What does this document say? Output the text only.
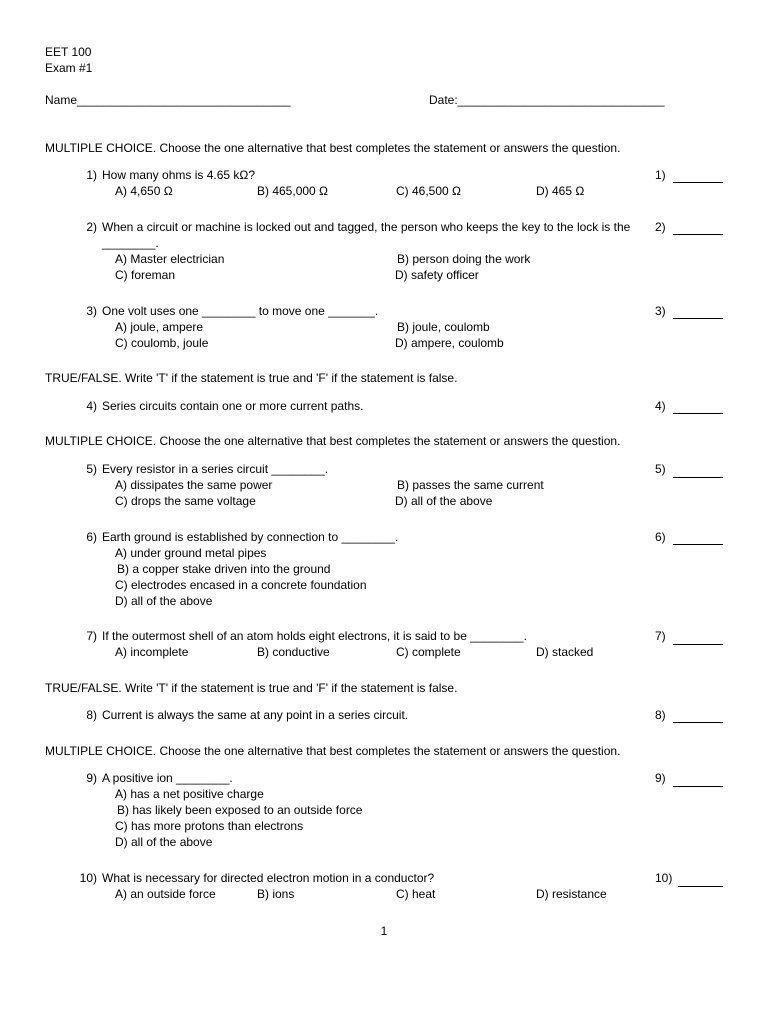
EET 100
Exam #1
Name________________________________	Date:_______________________________
MULTIPLE CHOICE. Choose the one alternative that best completes the statement or answers the question.
1) How many ohms is 4.65 kΩ?
A) 4,650 Ω	B) 465,000 Ω	C) 46,500 Ω	D) 465 Ω
1)
2) When a circuit or machine is locked out and tagged, the person who keeps the key to the lock is the
________.
A) Master electrician	B) person doing the work
C) foreman	D) safety officer
2)
3) One volt uses one ________ to move one _______.
A) joule, ampere	B) joule, coulomb
C) coulomb, joule	D) ampere, coulomb
3)
TRUE/FALSE. Write 'T' if the statement is true and 'F' if the statement is false.
4) Series circuits contain one or more current paths.	4)
MULTIPLE CHOICE. Choose the one alternative that best completes the statement or answers the question.
5) Every resistor in a series circuit ________.
A) dissipates the same power	B) passes the same current
C) drops the same voltage	D) all of the above
5)
6) Earth ground is established by connection to ________.
A) under ground metal pipes
B) a copper stake driven into the ground
C) electrodes encased in a concrete foundation
D) all of the above
6)
7) If the outermost shell of an atom holds eight electrons, it is said to be ________.
A) incomplete	B) conductive	C) complete	D) stacked
7)
TRUE/FALSE. Write 'T' if the statement is true and 'F' if the statement is false.
8) Current is always the same at any point in a series circuit.	8)
MULTIPLE CHOICE. Choose the one alternative that best completes the statement or answers the question.
9) A positive ion ________.
A) has a net positive charge
B) has likely been exposed to an outside force
C) has more protons than electrons
D) all of the above
9)
10) What is necessary for directed electron motion in a conductor?
A) an outside force	B) ions	C) heat	D) resistance
10)
1
